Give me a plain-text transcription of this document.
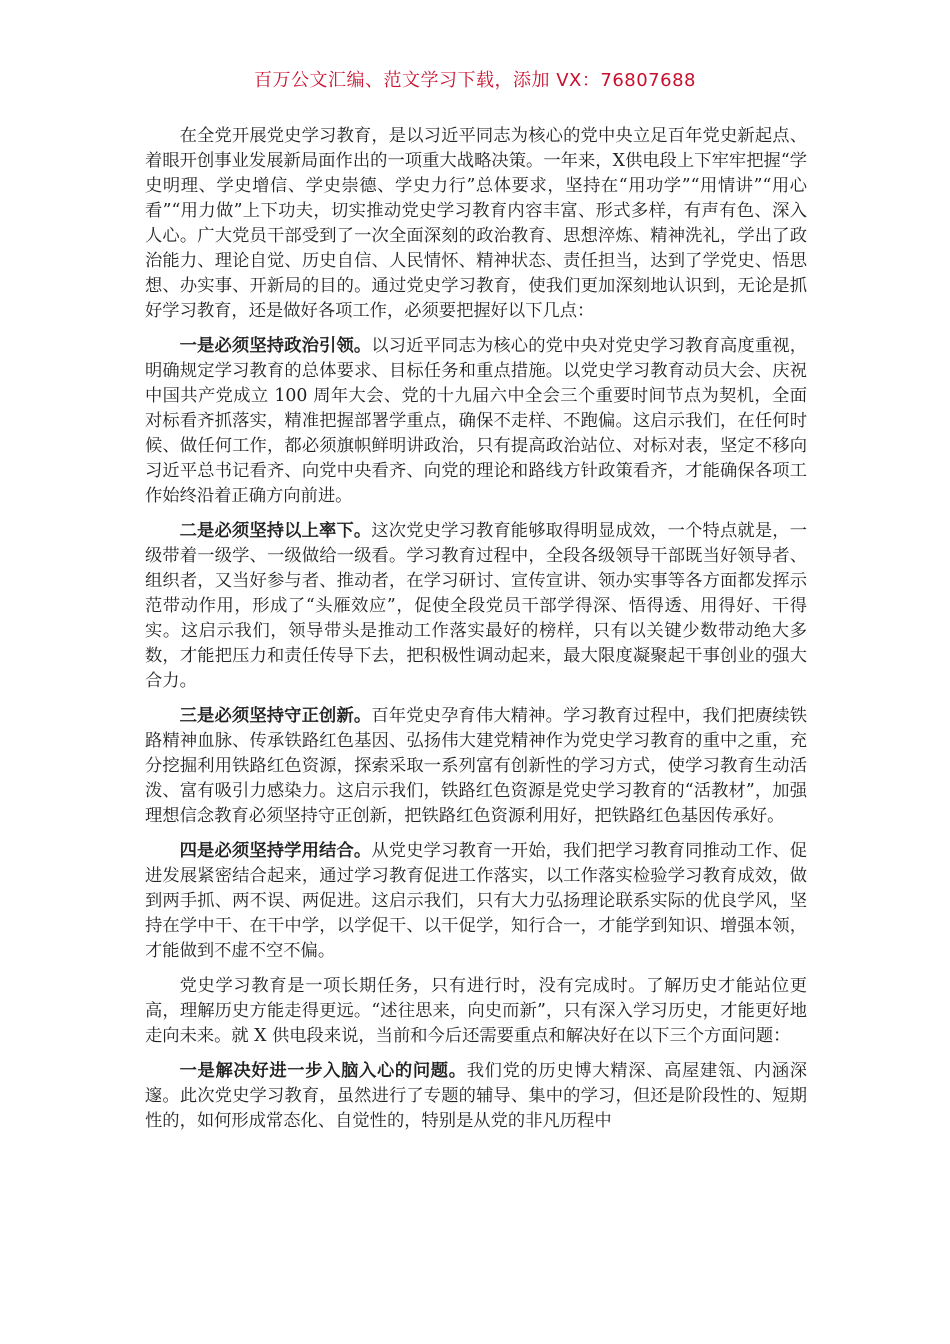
百万公文汇编、范文学习下载，添加 VX：76807688

在全党开展党史学习教育，是以习近平同志为核心的党中央立足百年党史新起点、着眼开创事业发展新局面作出的一项重大战略决策。一年来，X供电段上下牢牢把握“学史明理、学史增信、学史崇德、学史力行”总体要求，坚持在“用功学”“用情讲”“用心看”“用力做”上下功夫，切实推动党史学习教育内容丰富、形式多样，有声有色、深入人心。广大党员干部受到了一次全面深刻的政治教育、思想淬炼、精神洗礼，学出了政治能力、理论自觉、历史自信、人民情怀、精神状态、责任担当，达到了学党史、悟思想、办实事、开新局的目的。通过党史学习教育，使我们更加深刻地认识到，无论是抓好学习教育，还是做好各项工作，必须要把握好以下几点：

一是必须坚持政治引领。以习近平同志为核心的党中央对党史学习教育高度重视，明确规定学习教育的总体要求、目标任务和重点措施。以党史学习教育动员大会、庆祝中国共产党成立 100 周年大会、党的十九届六中全会三个重要时间节点为契机，全面对标看齐抓落实，精准把握部署学重点，确保不走样、不跑偏。这启示我们，在任何时候、做任何工作，都必须旗帜鲜明讲政治，只有提高政治站位、对标对表，坚定不移向习近平总书记看齐、向党中央看齐、向党的理论和路线方针政策看齐，才能确保各项工作始终沿着正确方向前进。

二是必须坚持以上率下。这次党史学习教育能够取得明显成效，一个特点就是，一级带着一级学、一级做给一级看。学习教育过程中，全段各级领导干部既当好领导者、组织者，又当好参与者、推动者，在学习研讨、宣传宣讲、领办实事等各方面都发挥示范带动作用，形成了“头雁效应”，促使全段党员干部学得深、悟得透、用得好、干得实。这启示我们，领导带头是推动工作落实最好的榜样，只有以关键少数带动绝大多数，才能把压力和责任传导下去，把积极性调动起来，最大限度凝聚起干事创业的强大合力。

三是必须坚持守正创新。百年党史孕育伟大精神。学习教育过程中，我们把赓续铁路精神血脉、传承铁路红色基因、弘扬伟大建党精神作为党史学习教育的重中之重，充分挖掘利用铁路红色资源，探索采取一系列富有创新性的学习方式，使学习教育生动活泼、富有吸引力感染力。这启示我们，铁路红色资源是党史学习教育的“活教材”，加强理想信念教育必须坚持守正创新，把铁路红色资源利用好，把铁路红色基因传承好。

四是必须坚持学用结合。从党史学习教育一开始，我们把学习教育同推动工作、促进发展紧密结合起来，通过学习教育促进工作落实，以工作落实检验学习教育成效，做到两手抓、两不误、两促进。这启示我们，只有大力弘扬理论联系实际的优良学风，坚持在学中干、在干中学，以学促干、以干促学，知行合一，才能学到知识、增强本领，才能做到不虚不空不偏。

党史学习教育是一项长期任务，只有进行时，没有完成时。了解历史才能站位更高，理解历史方能走得更远。“述往思来，向史而新”，只有深入学习历史，才能更好地走向未来。就 X 供电段来说，当前和今后还需要重点和解决好在以下三个方面问题：

一是解决好进一步入脑入心的问题。我们党的历史博大精深、高屋建瓴、内涵深邃。此次党史学习教育，虽然进行了专题的辅导、集中的学习，但还是阶段性的、短期性的，如何形成常态化、自觉性的，特别是从党的非凡历程中
